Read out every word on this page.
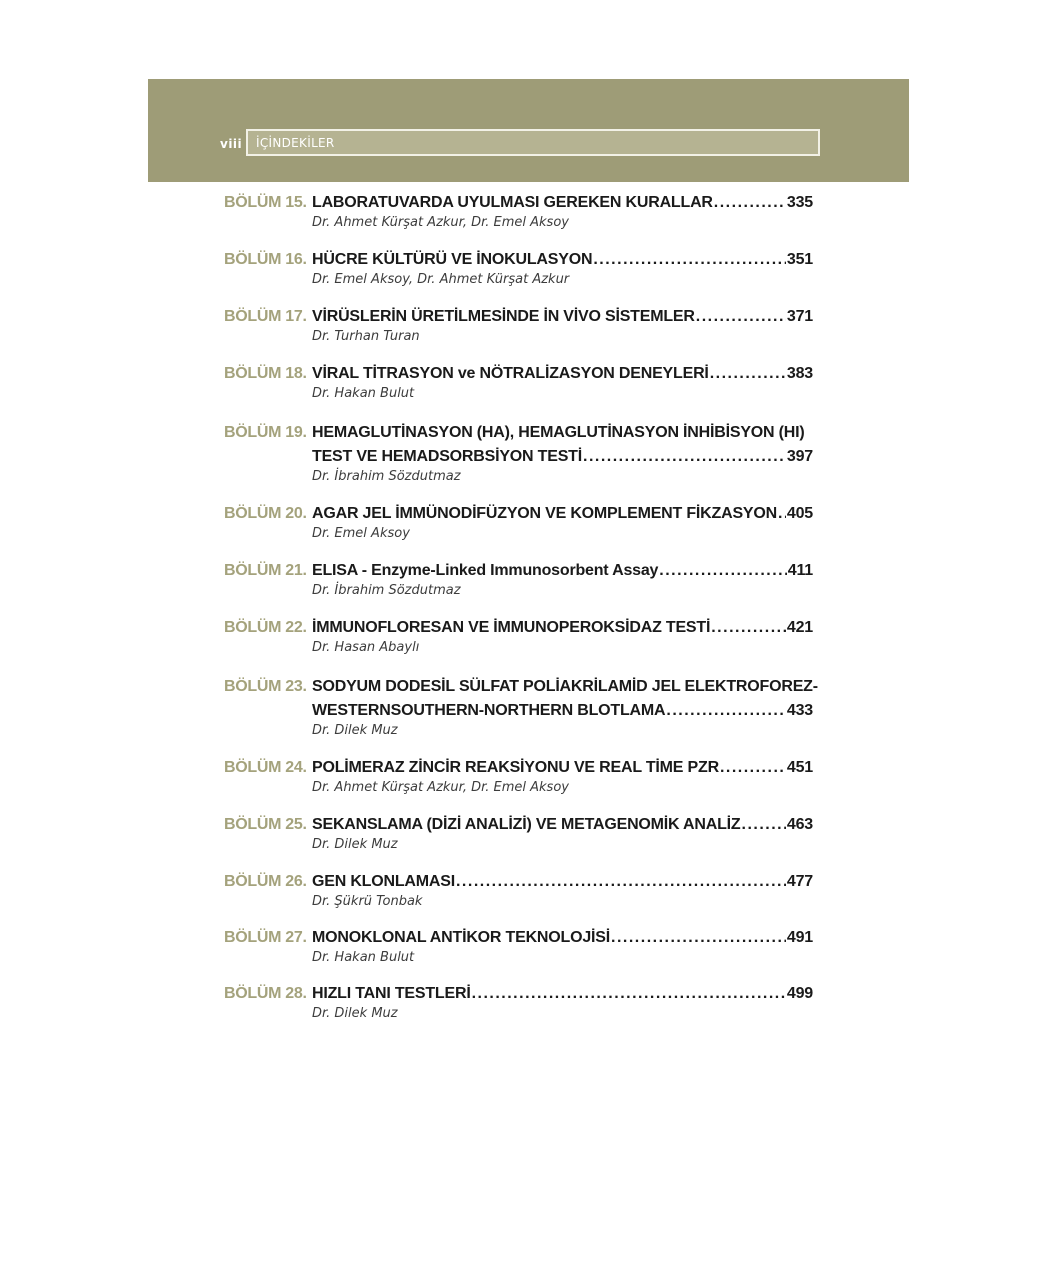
viii İÇİNDEKİLER
BÖLÜM 15. LABORATUVARDA UYULMASI GEREKEN KURALLAR .....	335
Dr. Ahmet Kürşat Azkur, Dr. Emel Aksoy
BÖLÜM 16. HÜCRE KÜLTÜRÜ VE İNOKULASYON .....	351
Dr. Emel Aksoy, Dr. Ahmet Kürşat Azkur
BÖLÜM 17. VİRÜSLERİN ÜRETİLMESİNDE İN VİVO SİSTEMLER .....	371
Dr. Turhan Turan
BÖLÜM 18. VİRAL TİTRASYON ve NÖTRALİZASYON DENEYLERİ .....	383
Dr. Hakan Bulut
BÖLÜM 19. HEMAGLUTİNASYON (HA), HEMAGLUTİNASYON İNHİBİSYON (HI)
TEST VE HEMADSORBSİYON TESTİ .....	397
Dr. İbrahim Sözdutmaz
BÖLÜM 20. AGAR JEL İMMÜNODİFÜZYON VE KOMPLEMENT FİKZASYON ..... 405
Dr. Emel Aksoy
BÖLÜM 21. ELISA - Enzyme-Linked Immunosorbent Assay .....	411
Dr. İbrahim Sözdutmaz
BÖLÜM 22. İMMUNOFLORESAN VE İMMUNOPEROKSİDAZ TESTİ .....	421
Dr. Hasan Abaylı
BÖLÜM 23. SODYUM DODESİL SÜLFAT POLİAKRİLAMİD JEL ELEKTROFOREZ-
WESTERNSOUTHERN-NORTHERN BLOTLAMA .....	433
Dr. Dilek Muz
BÖLÜM 24. POLİMERAZ ZİNCİR REAKSİYONU VE REAL TİME PZR .....	451
Dr. Ahmet Kürşat Azkur, Dr. Emel Aksoy
BÖLÜM 25. SEKANSLAMA (DİZİ ANALİZİ) VE METAGENOMİK ANALİZ .....	463
Dr. Dilek Muz
BÖLÜM 26. GEN KLONLAMASI .....	477
Dr. Şükrü Tonbak
BÖLÜM 27. MONOKLONAL ANTİKOR TEKNOLOJİSİ .....	491
Dr. Hakan Bulut
BÖLÜM 28. HIZLI TANI TESTLERİ .....	499
Dr. Dilek Muz
